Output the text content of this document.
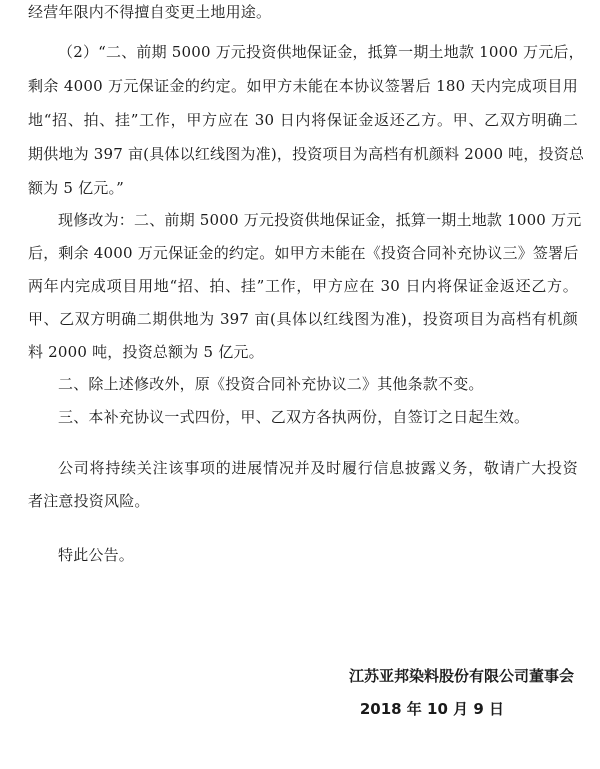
经营年限内不得擅自变更土地用途。
（2）“二、前期 5000 万元投资供地保证金，抵算一期土地款 1000 万元后，
剩余 4000 万元保证金的约定。如甲方未能在本协议签署后 180 天内完成项目用
地“招、拍、挂”工作，甲方应在 30 日内将保证金返还乙方。甲、乙双方明确二
期供地为 397 亩(具体以红线图为准)，投资项目为高档有机颜料 2000 吨，投资总
额为 5 亿元。”
现修改为：二、前期 5000 万元投资供地保证金，抵算一期土地款 1000 万元
后，剩余 4000 万元保证金的约定。如甲方未能在《投资合同补充协议三》签署后
两年内完成项目用地“招、拍、挂”工作，甲方应在 30 日内将保证金返还乙方。
甲、乙双方明确二期供地为 397 亩(具体以红线图为准)，投资项目为高档有机颜
料 2000 吨，投资总额为 5 亿元。
二、除上述修改外，原《投资合同补充协议二》其他条款不变。
三、本补充协议一式四份，甲、乙双方各执两份，自签订之日起生效。
公司将持续关注该事项的进展情况并及时履行信息披露义务，敬请广大投资
者注意投资风险。
特此公告。
江苏亚邦染料股份有限公司董事会
2018 年 10 月 9 日
